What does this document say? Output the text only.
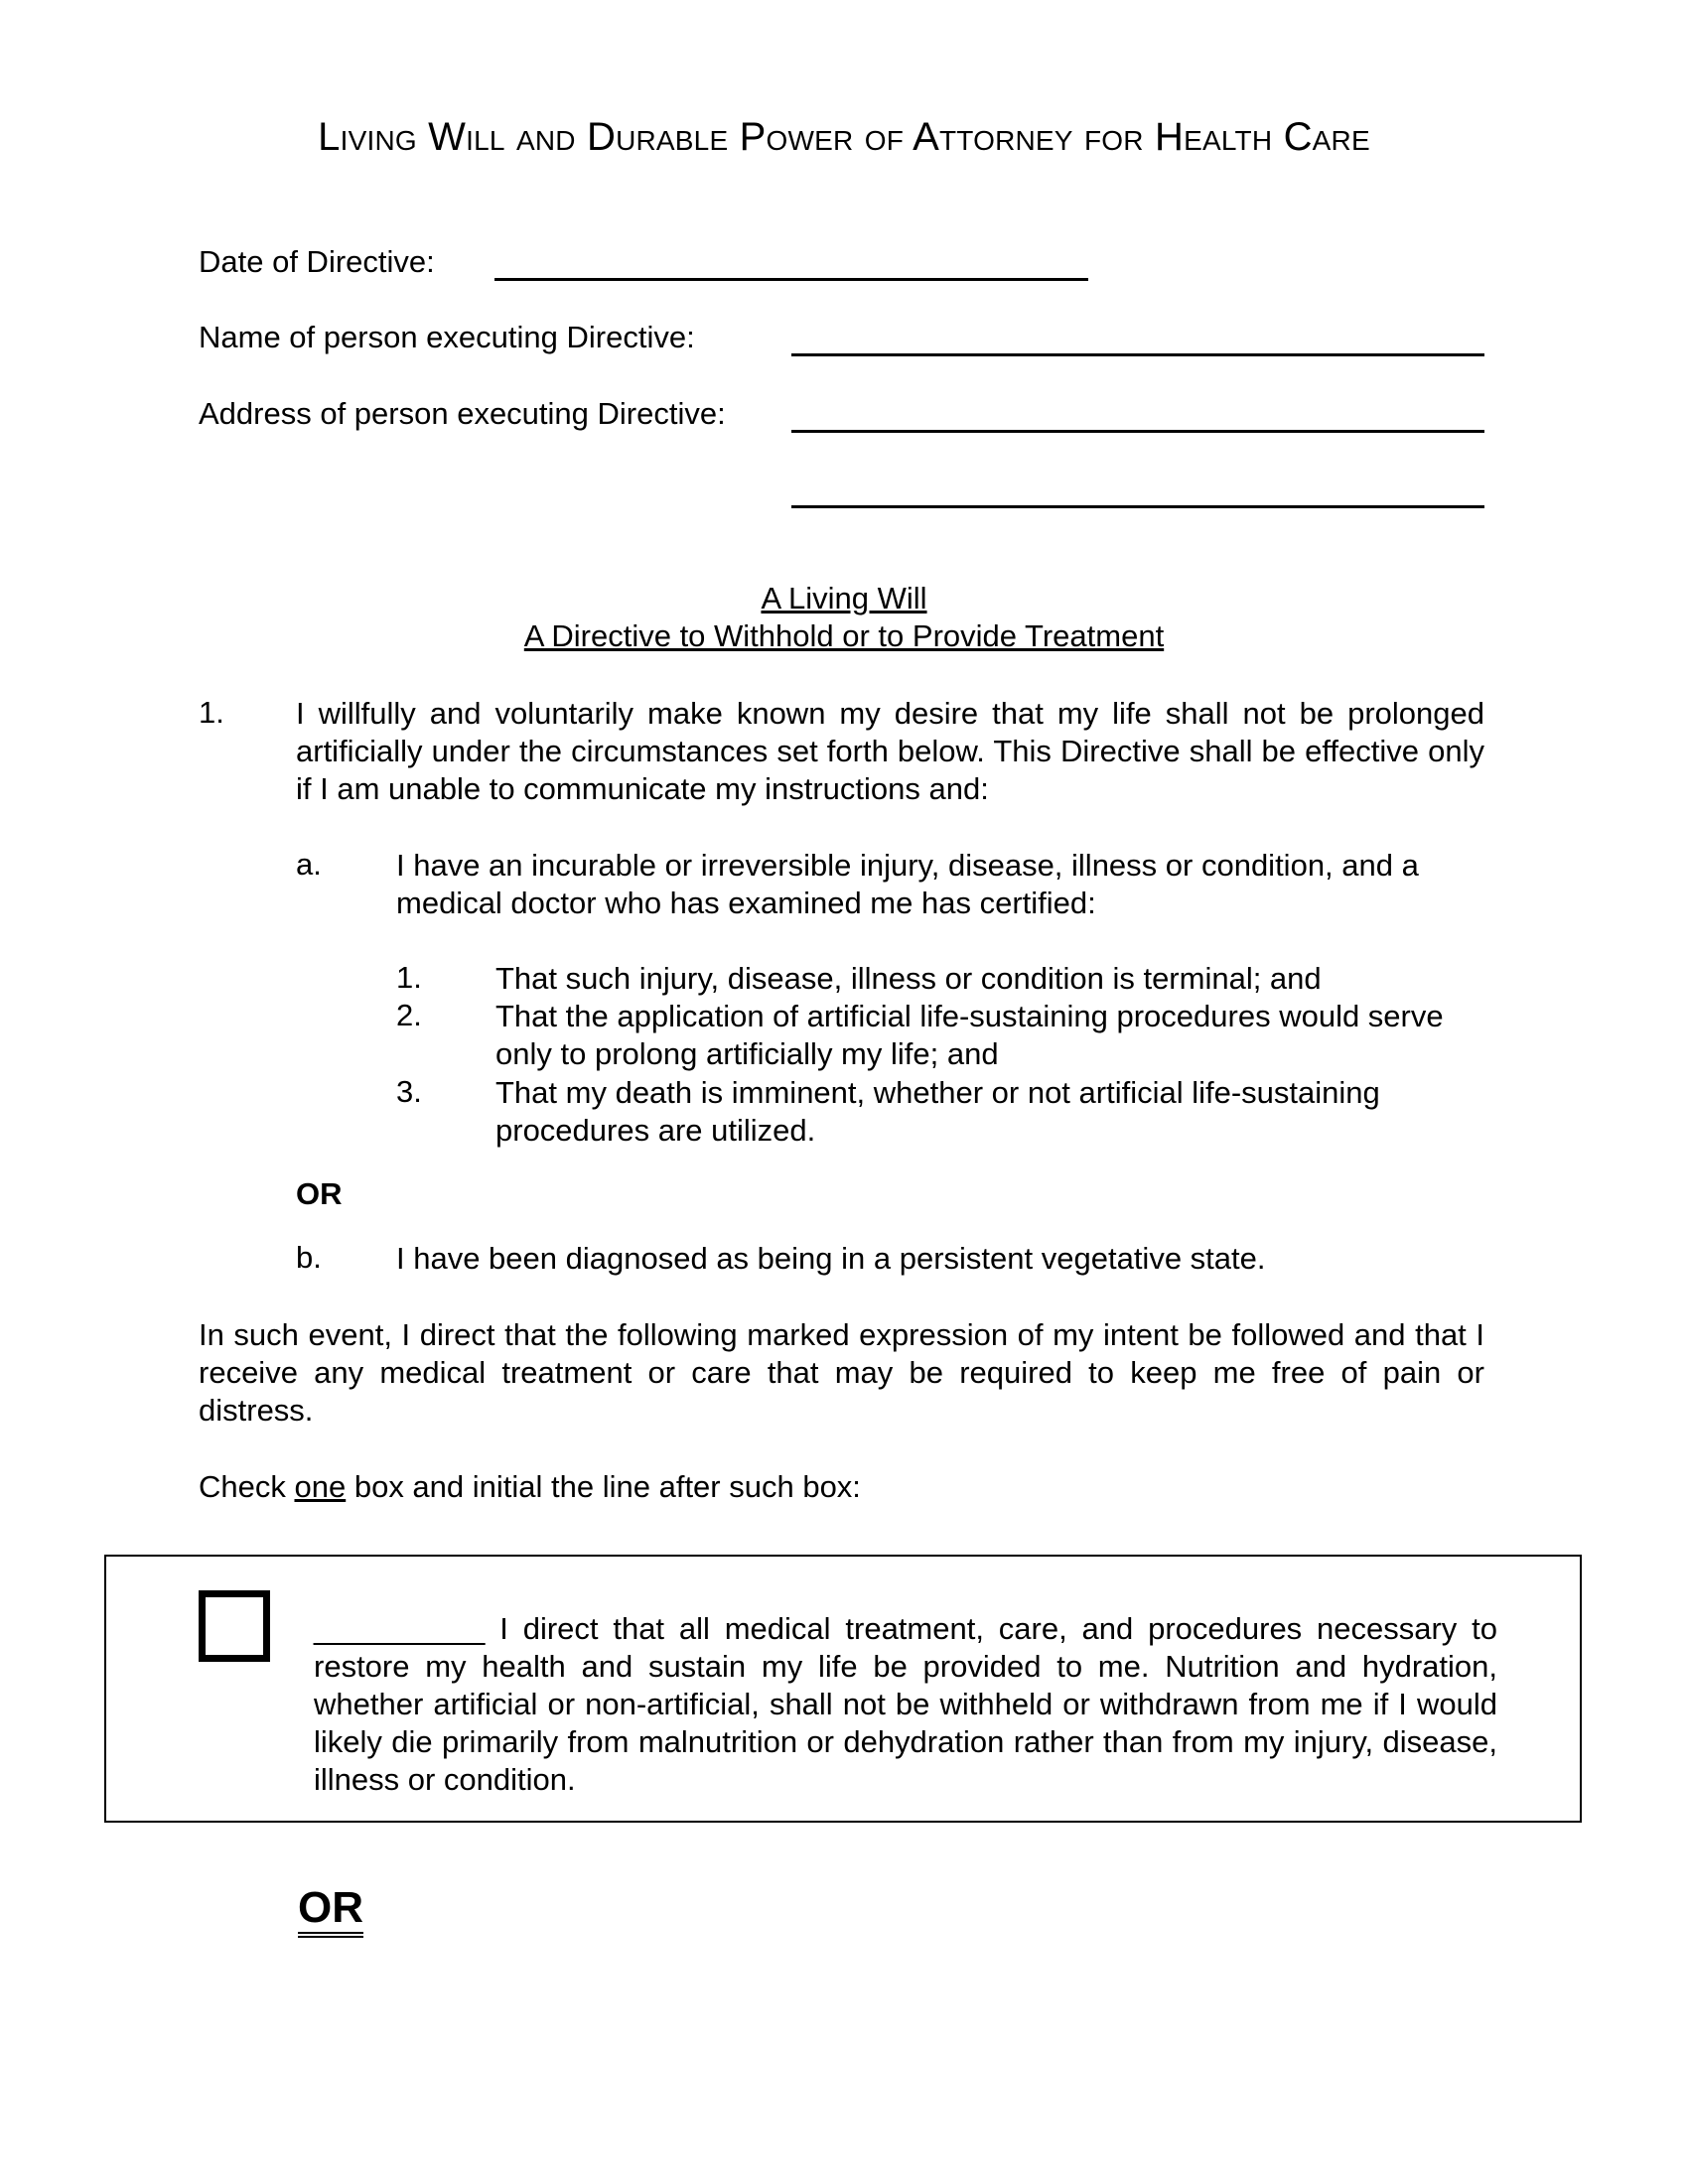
Living Will and Durable Power of Attorney for Health Care
Date of Directive:
Name of person executing Directive:
Address of person executing Directive:
A Living Will
A Directive to Withhold or to Provide Treatment
1. I willfully and voluntarily make known my desire that my life shall not be prolonged artificially under the circumstances set forth below. This Directive shall be effective only if I am unable to communicate my instructions and:
a. I have an incurable or irreversible injury, disease, illness or condition, and a medical doctor who has examined me has certified:
1. That such injury, disease, illness or condition is terminal; and
2. That the application of artificial life-sustaining procedures would serve only to prolong artificially my life; and
3. That my death is imminent, whether or not artificial life-sustaining procedures are utilized.
OR
b. I have been diagnosed as being in a persistent vegetative state.
In such event, I direct that the following marked expression of my intent be followed and that I receive any medical treatment or care that may be required to keep me free of pain or distress.
Check one box and initial the line after such box:
__________ I direct that all medical treatment, care, and procedures necessary to restore my health and sustain my life be provided to me. Nutrition and hydration, whether artificial or non-artificial, shall not be withheld or withdrawn from me if I would likely die primarily from malnutrition or dehydration rather than from my injury, disease, illness or condition.
OR
